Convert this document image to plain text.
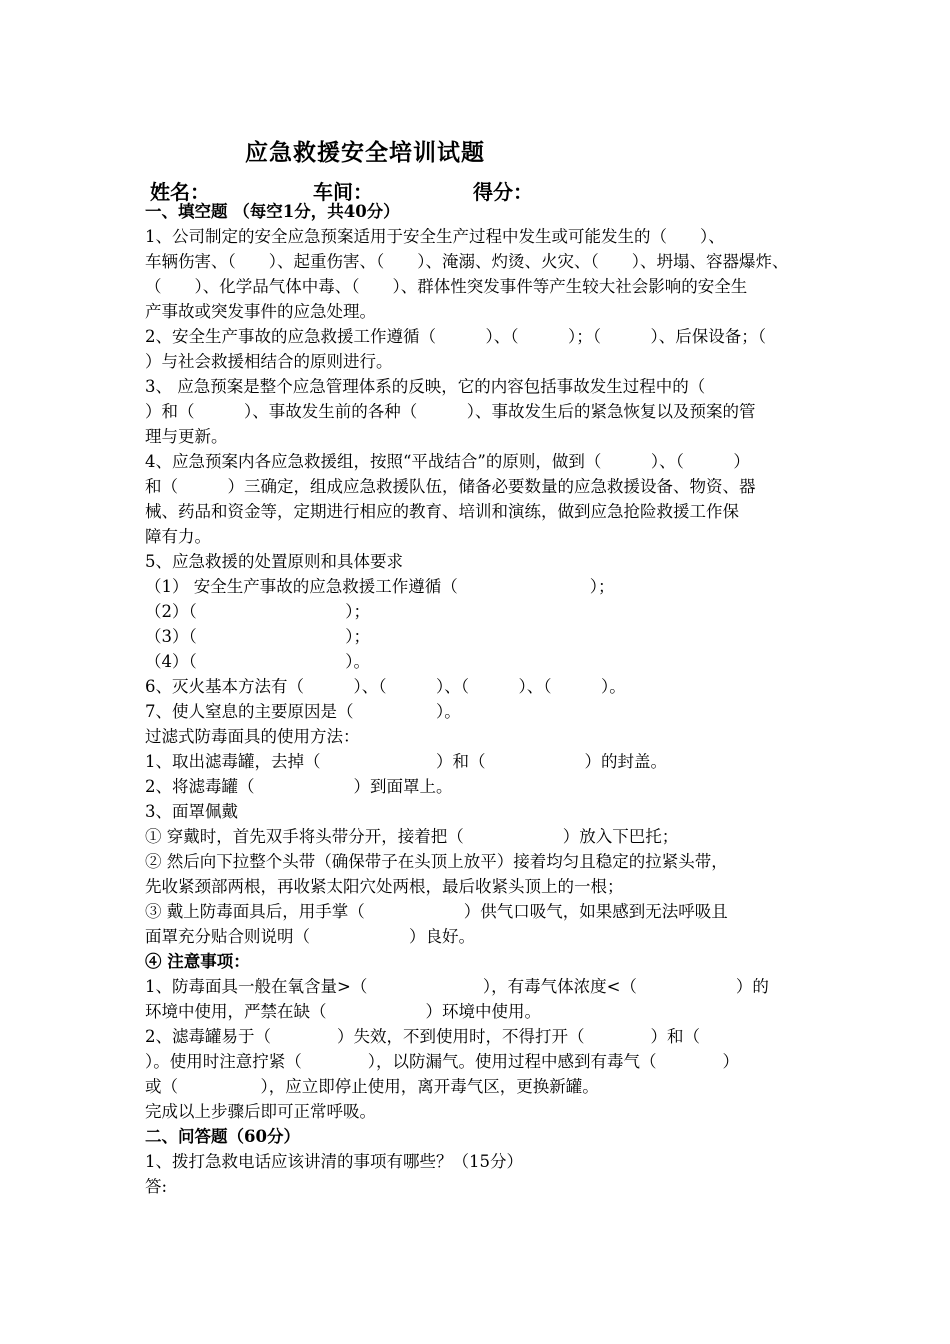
应急救援安全培训试题
姓名：	车间：	得分：
一、填空题 （每空1分，共40分）
1、公司制定的安全应急预案适用于安全生产过程中发生或可能发生的（　　）、
车辆伤害、（　　）、起重伤害、（　　）、淹溺、灼烫、火灾、（　　）、坍塌、容器爆炸、
（　　）、化学品气体中毒、（　　）、群体性突发事件等产生较大社会影响的安全生
产事故或突发事件的应急处理。
2、安全生产事故的应急救援工作遵循（　　　）、（　　　）；（　　　）、后保设备；（
）与社会救援相结合的原则进行。
3、 应急预案是整个应急管理体系的反映，它的内容包括事故发生过程中的（
）和（　　　）、事故发生前的各种（　　　）、事故发生后的紧急恢复以及预案的管
理与更新。
4、应急预案内各应急救援组，按照“平战结合”的原则，做到（　　　）、（　　　）
和（　　　）三确定，组成应急救援队伍，储备必要数量的应急救援设备、物资、器
械、药品和资金等，定期进行相应的教育、培训和演练，做到应急抢险救援工作保
障有力。
5、应急救援的处置原则和具体要求
（1） 安全生产事故的应急救援工作遵循（　　　　　　　　）；
（2）（　　　　　　　　　）；
（3）（　　　　　　　　　）；
（4）（　　　　　　　　　）。
6、灭火基本方法有（　　　）、（　　　）、（　　　）、（　　　）。
7、使人窒息的主要原因是（　　　　　）。
过滤式防毒面具的使用方法：
1、取出滤毒罐，去掉（　　　　　　　）和（　　　　　　）的封盖。
2、将滤毒罐（　　　　　　）到面罩上。
3、面罩佩戴
① 穿戴时，首先双手将头带分开，接着把（　　　　　　）放入下巴托；
② 然后向下拉整个头带（确保带子在头顶上放平）接着均匀且稳定的拉紧头带，
先收紧颈部两根，再收紧太阳穴处两根，最后收紧头顶上的一根；
③ 戴上防毒面具后，用手掌（　　　　　　）供气口吸气，如果感到无法呼吸且
面罩充分贴合则说明（　　　　　　）良好。
④ 注意事项：
1、防毒面具一般在氧含量>（　　　　　　　），有毒气体浓度<（　　　　　　）的
环境中使用，严禁在缺（　　　　　　）环境中使用。
2、滤毒罐易于（　　　　）失效，不到使用时，不得打开（　　　　）和（
）。使用时注意拧紧（　　　　），以防漏气。使用过程中感到有毒气（　　　　）
或（　　　　　），应立即停止使用，离开毒气区，更换新罐。
完成以上步骤后即可正常呼吸。
二、问答题（60分）
1、拨打急救电话应该讲清的事项有哪些？（15分）
答:
